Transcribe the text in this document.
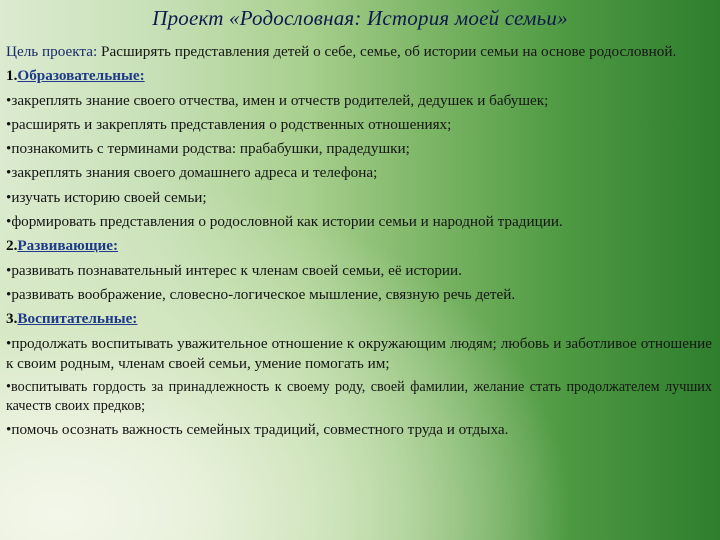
Проект «Родословная: История моей семьи»
Цель проекта: Расширять представления детей о себе, семье, об истории семьи на основе родословной.
1.Образовательные:
•закреплять знание своего отчества, имен и отчеств родителей, дедушек и бабушек;
•расширять и закреплять представления о родственных отношениях;
•познакомить с терминами родства: прабабушки, прадедушки;
•закреплять знания своего домашнего адреса и телефона;
•изучать историю своей семьи;
•формировать представления о родословной как истории семьи и народной традиции.
2.Развивающие:
•развивать познавательный интерес к членам своей семьи, её истории.
•развивать воображение, словесно-логическое мышление, связную речь детей.
3.Воспитательные:
•продолжать воспитывать уважительное отношение к окружающим людям; любовь и заботливое отношение к своим родным, членам своей семьи, умение помогать им;
•воспитывать гордость за принадлежность к своему роду, своей фамилии, желание стать продолжателем лучших качеств своих предков;
•помочь осознать важность семейных традиций, совместного труда и отдыха.
